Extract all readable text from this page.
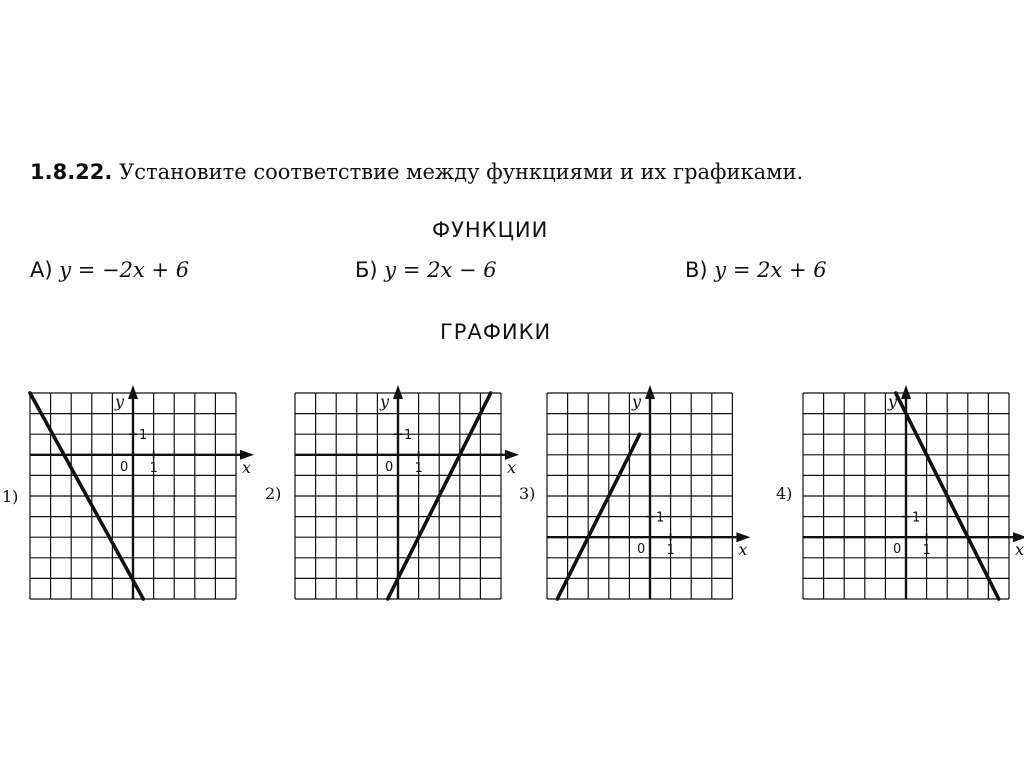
1.8.22. Установите соответствие между функциями и их графиками.
ФУНКЦИИ
А) y = −2x + 6	Б) y = 2x − 6	В) y = 2x + 6
ГРАФИКИ
1)	2)	3)	4)
x
y
0 1
1
x
y
0 1
1
x
y
0 1
1
x
y
0 1
1
